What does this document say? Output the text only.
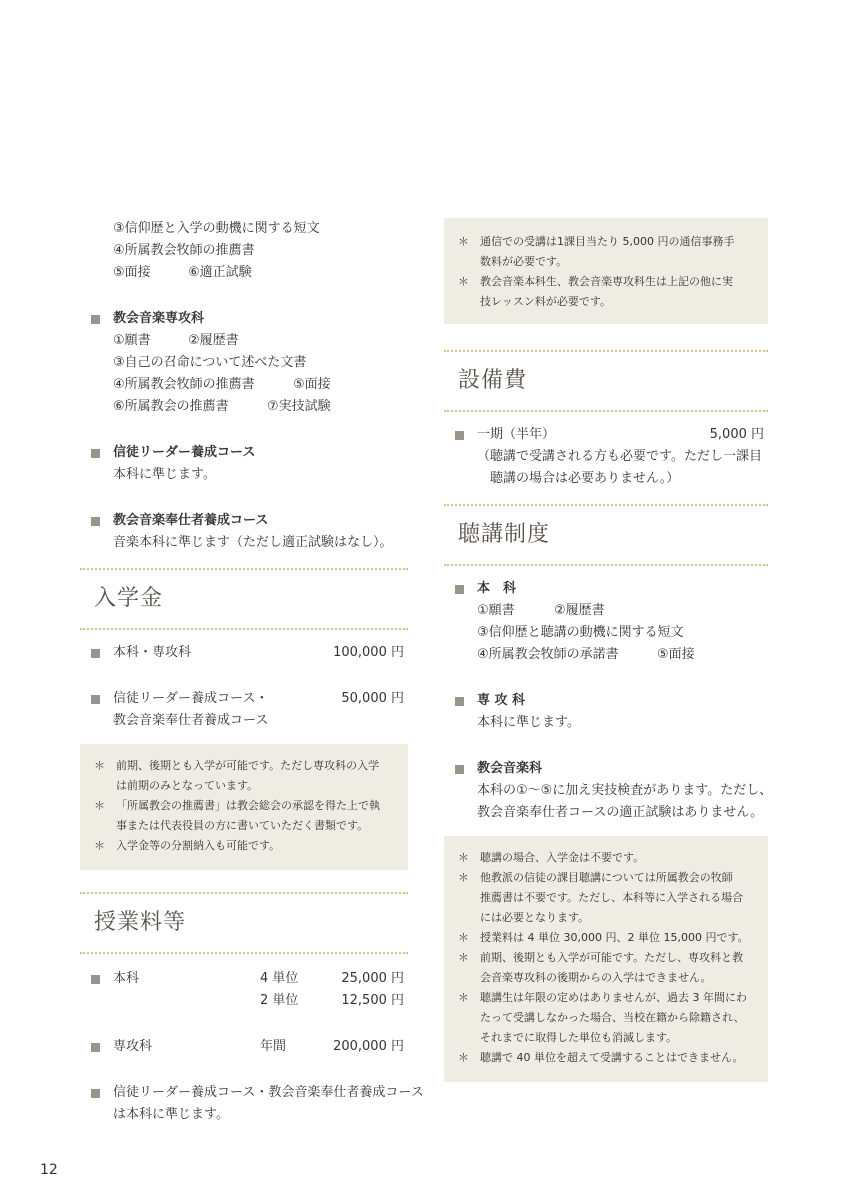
③信仰歴と入学の動機に関する短文
④所属教会牧師の推薦書
⑤面接	⑥適正試験
教会音楽専攻科
①願書	②履歴書
③自己の召命について述べた文書
④所属教会牧師の推薦書	⑤面接
⑥所属教会の推薦書	⑦実技試験
信徒リーダー養成コース
本科に準じます。
教会音楽奉仕者養成コース
音楽本科に準じます（ただし適正試験はなし）。
入学金
本科・専攻科	100,000 円
信徒リーダー養成コース・	50,000 円
教会音楽奉仕者養成コース
＊	前期、後期とも入学が可能です。ただし専攻科の入学
は前期のみとなっています。
＊	「所属教会の推薦書」は教会総会の承認を得た上で執
事または代表役員の方に書いていただく書類です。
＊	入学金等の分割納入も可能です。
授業料等
本科	4 単位	25,000 円
2 単位	12,500 円
専攻科	年間	200,000 円
信徒リーダー養成コース・教会音楽奉仕者養成コース
は本科に準じます。
＊	通信での受講は1課目当たり 5,000 円の通信事務手
数料が必要です。
＊	教会音楽本科生、教会音楽専攻科生は上記の他に実
技レッスン料が必要です。
設備費
一期（半年）	5,000 円
（聴講で受講される方も必要です。ただし一課目
聴講の場合は必要ありません。）
聴講制度
本　科
①願書	②履歴書
③信仰歴と聴講の動機に関する短文
④所属教会牧師の承諾書	⑤面接
専 攻 科
本科に準じます。
教会音楽科
本科の①〜⑤に加え実技検査があります。ただし、
教会音楽奉仕者コースの適正試験はありません。
＊	聴講の場合、入学金は不要です。
＊	他教派の信徒の課目聴講については所属教会の牧師
推薦書は不要です。ただし、本科等に入学される場合
には必要となります。
＊	授業料は 4 単位 30,000 円、2 単位 15,000 円です。
＊	前期、後期とも入学が可能です。ただし、専攻科と教
会音楽専攻科の後期からの入学はできません。
＊	聴講生は年限の定めはありませんが、過去 3 年間にわ
たって受講しなかった場合、当校在籍から除籍され、
それまでに取得した単位も消滅します。
＊	聴講で 40 単位を超えて受講することはできません。
12
